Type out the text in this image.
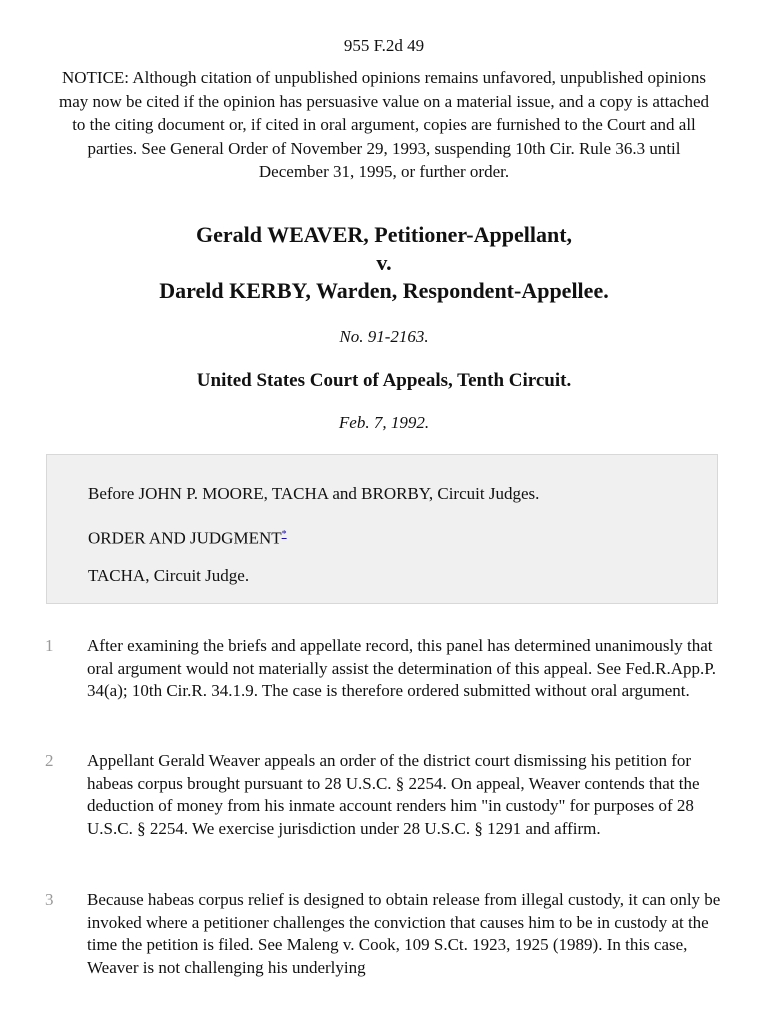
955 F.2d 49
NOTICE: Although citation of unpublished opinions remains unfavored, unpublished opinions may now be cited if the opinion has persuasive value on a material issue, and a copy is attached to the citing document or, if cited in oral argument, copies are furnished to the Court and all parties. See General Order of November 29, 1993, suspending 10th Cir. Rule 36.3 until December 31, 1995, or further order.
Gerald WEAVER, Petitioner-Appellant,
v.
Dareld KERBY, Warden, Respondent-Appellee.
No. 91-2163.
United States Court of Appeals, Tenth Circuit.
Feb. 7, 1992.
Before JOHN P. MOORE, TACHA and BRORBY, Circuit Judges.
ORDER AND JUDGMENT*
TACHA, Circuit Judge.
1	After examining the briefs and appellate record, this panel has determined unanimously that oral argument would not materially assist the determination of this appeal. See Fed.R.App.P. 34(a); 10th Cir.R. 34.1.9. The case is therefore ordered submitted without oral argument.
2	Appellant Gerald Weaver appeals an order of the district court dismissing his petition for habeas corpus brought pursuant to 28 U.S.C. § 2254. On appeal, Weaver contends that the deduction of money from his inmate account renders him "in custody" for purposes of 28 U.S.C. § 2254. We exercise jurisdiction under 28 U.S.C. § 1291 and affirm.
3	Because habeas corpus relief is designed to obtain release from illegal custody, it can only be invoked where a petitioner challenges the conviction that causes him to be in custody at the time the petition is filed. See Maleng v. Cook, 109 S.Ct. 1923, 1925 (1989). In this case, Weaver is not challenging his underlying
